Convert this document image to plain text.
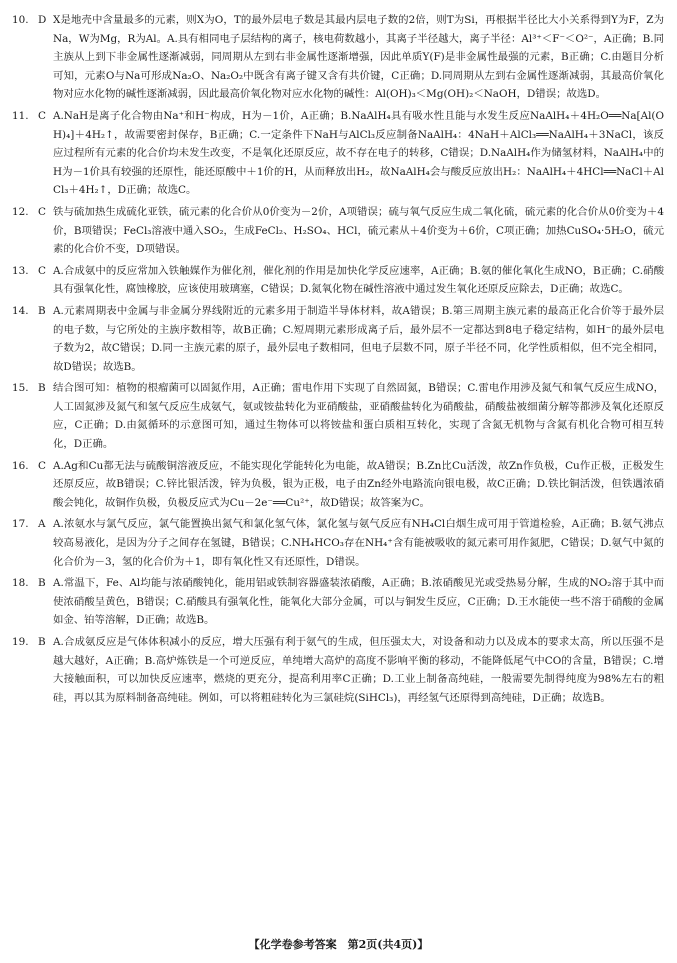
10. D X是地壳中含量最多的元素，则X为O，T的最外层电子数是其最内层电子数的2倍，则T为Si，再根据半径比大小关系得到Y为F，Z为Na，W为Mg，R为Al。A.具有相同电子层结构的离子，核电荷数越小，其离子半径越大，离子半径：Al³⁺＜F⁻＜O²⁻，A正确；B.同主族从上到下非金属性逐渐减弱，同周期从左到右非金属性逐渐增强，因此单质Y(F)是非金属性最强的元素，B正确；C.由题目分析可知，元素O与Na可形成Na₂O、Na₂O₂中既含有离子键又含有共价键，C正确；D.同周期从左到右金属性逐渐减弱，其最高价氧化物对应水化物的碱性逐渐减弱，因此最高价氧化物对应水化物的碱性：Al(OH)₃＜Mg(OH)₂＜NaOH，D错误；故选D。
11. C A.NaH是离子化合物由Na⁺和H⁻构成，H为－1价，A正确；B.NaAlH₄具有吸水性且能与水发生反应NaAlH₄＋4H₂O══Na[Al(OH)₄]＋4H₂↑，故需要密封保存，B正确；C.一定条件下NaH与AlCl₃反应制备NaAlH₄：4NaH＋AlCl₃══NaAlH₄＋3NaCl，该反应过程所有元素的化合价均未发生改变，不是氧化还原反应，故不存在电子的转移，C错误；D.NaAlH₄作为储氢材料，NaAlH₄中的H为－1价具有较强的还原性，能还原酸中＋1价的H，从而释放出H₂，故NaAlH₄会与酸反应放出H₂：NaAlH₄＋4HCl══NaCl＋AlCl₃＋4H₂↑，D正确；故选C。
12. C 铁与硫加热生成硫化亚铁，硫元素的化合价从0价变为－2价，A项错误；硫与氧气反应生成二氧化硫，硫元素的化合价从0价变为＋4价，B项错误；FeCl₃溶液中通入SO₂，生成FeCl₂、H₂SO₄、HCl，硫元素从＋4价变为＋6价，C项正确；加热CuSO₄·5H₂O，硫元素的化合价不变，D项错误。
13. C A.合成氨中的反应常加入铁触媒作为催化剂，催化剂的作用是加快化学反应速率，A正确；B.氨的催化氧化生成NO，B正确；C.硝酸具有强氧化性，腐蚀橡胶，应该使用玻璃塞，C错误；D.氮氧化物在碱性溶液中通过发生氧化还原反应除去，D正确；故选C。
14. B A.元素周期表中金属与非金属分界线附近的元素多用于制造半导体材料，故A错误；B.第三周期主族元素的最高正化合价等于最外层的电子数，与它所处的主族序数相等，故B正确；C.短周期元素形成离子后，最外层不一定都达到8电子稳定结构，如H⁻的最外层电子数为2，故C错误；D.同一主族元素的原子，最外层电子数相同，但电子层数不同，原子半径不同，化学性质相似，但不完全相同，故D错误；故选B。
15. B 结合图可知：植物的根瘤菌可以固氮作用，A正确；雷电作用下实现了自然固氮，B错误；C.雷电作用涉及氮气和氧气反应生成NO，人工固氮涉及氮气和氢气反应生成氨气，氨或铵盐转化为亚硝酸盐，亚硝酸盐转化为硝酸盐，硝酸盐被细菌分解等都涉及氧化还原反应，C正确；D.由氮循环的示意图可知，通过生物体可以将铵盐和蛋白质相互转化，实现了含氮无机物与含氮有机化合物可相互转化，D正确。
16. C A.Ag和Cu都无法与硫酸铜溶液反应，不能实现化学能转化为电能，故A错误；B.Zn比Cu活泼，故Zn作负极，Cu作正极，正极发生还原反应，故B错误；C.锌比银活泼，锌为负极，银为正极，电子由Zn经外电路流向银电极，故C正确；D.铁比铜活泼，但铁遇浓硝酸会钝化，故铜作负极，负极反应式为Cu－2e⁻══Cu²⁺，故D错误；故答案为C。
17. A A.浓氨水与氯气反应，氯气能置换出氮气和氯化氢气体，氯化氢与氨气反应有NH₄Cl白烟生成可用于管道检验，A正确；B.氨气沸点较高易液化，是因为分子之间存在氢键，B错误；C.NH₄HCO₃存在NH₄⁺含有能被吸收的氮元素可用作氮肥，C错误；D.氨气中氮的化合价为－3，氢的化合价为＋1，即有氧化性又有还原性，D错误。
18. B A.常温下，Fe、Al均能与浓硝酸钝化，能用铝或铁制容器盛装浓硝酸，A正确；B.浓硝酸见光或受热易分解，生成的NO₂溶于其中而使浓硝酸呈黄色，B错误；C.硝酸具有强氧化性，能氧化大部分金属，可以与铜发生反应，C正确；D.王水能使一些不溶于硝酸的金属如金、铂等溶解，D正确；故选B。
19. B A.合成氨反应是气体体积减小的反应，增大压强有利于氨气的生成，但压强太大，对设备和动力以及成本的要求太高，所以压强不是越大越好，A正确；B.高炉炼铁是一个可逆反应，单纯增大高炉的高度不影响平衡的移动，不能降低尾气中CO的含量，B错误；C.增大接触面积，可以加快反应速率，燃烧的更充分，提高利用率C正确；D.工业上制备高纯硅，一般需要先制得纯度为98%左右的粗硅，再以其为原料制备高纯硅。例如，可以将粗硅转化为三氯硅烷(SiHCl₃)，再经氢气还原得到高纯硅，D正确；故选B。
【化学卷参考答案　第2页(共4页)】
